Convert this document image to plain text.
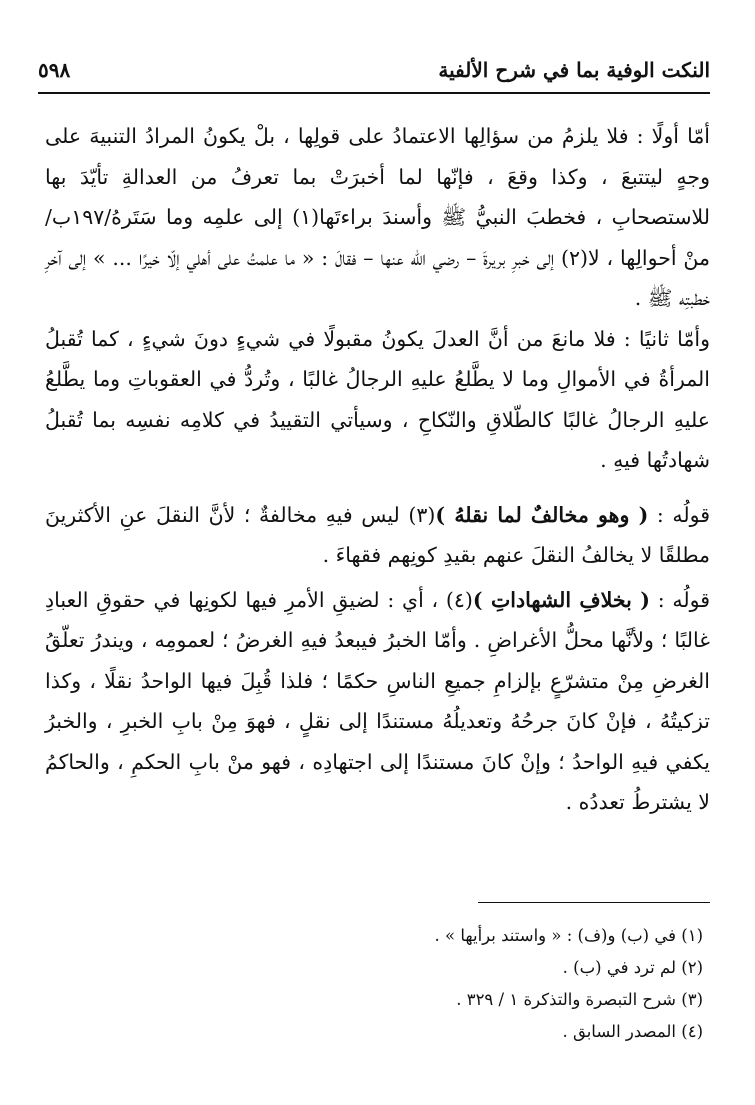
النكت الوفية بما في شرح الألفية
٥٩٨

أمّا أولًا : فلا يلزمُ من سؤالِها الاعتمادُ على قولِها ، بلْ يكونُ المرادُ التنبيهَ على وجهٍ ليتتبعَ ، وكذا وقعَ ، فإنّها لما أخبرَتْ بما تعرفُ من العدالةِ تأيّدَ بها للاستصحابِ ، فخطبَ النبيُّ ﷺ وأسندَ براءتَها(١) إلى علمِه وما سَتَرهُ/١٩٧ب/ منْ أحوالِها ، لا(٢) إلى خبرِ بريرةَ – رضي اللّه عنها – فقالَ : « ما علمتُ على أهلي إلّا خيرًا ... » إلى آخرِ خطبتِه ﷺ .

وأمّا ثانيًا : فلا مانعَ من أنَّ العدلَ يكونُ مقبولًا في شيءٍ دونَ شيءٍ ، كما تُقبلُ المرأةُ في الأموالِ وما لا يطَّلعُ عليهِ الرجالُ غالبًا ، وتُردُّ في العقوباتِ وما يطَّلعُ عليهِ الرجالُ غالبًا كالطّلاقِ والنّكاحِ ، وسيأتي التقييدُ في كلامِه نفسِه بما تُقبلُ شهادتُها فيهِ .

قولُه : ( وهو مخالفٌ لما نقلهُ )(٣) ليس فيهِ مخالفةٌ ؛ لأنَّ النقلَ عنِ الأكثرينَ مطلقًا لا يخالفُ النقلَ عنهم بقيدِ كونِهم فقهاءَ .

قولُه : ( بخلافِ الشهاداتِ )(٤) ، أي : لضيقِ الأمرِ فيها لكونِها في حقوقِ العبادِ غالبًا ؛ ولأنَّها محلُّ الأغراضِ . وأمّا الخبرُ فيبعدُ فيهِ الغرضُ ؛ لعمومِه ، ويندرُ تعلّقُ الغرضِ مِنْ متشرّعٍ بإلزامِ جميعِ الناسِ حكمًا ؛ فلذا قُبِلَ فيها الواحدُ نقلًا ، وكذا تزكيتُهُ ، فإنْ كانَ جرحُهُ وتعديلُهُ مستندًا إلى نقلٍ ، فهوَ مِنْ بابِ الخبرِ ، والخبرُ يكفي فيهِ الواحدُ ؛ وإنْ كانَ مستندًا إلى اجتهادِه ، فهو منْ بابِ الحكمِ ، والحاكمُ لا يشترطُ تعددُه .

(١) في (ب) و(ف) : « واستند برأيها » .
(٢) لم ترد في (ب) .
(٣) شرح التبصرة والتذكرة ١ / ٣٢٩ .
(٤) المصدر السابق .
